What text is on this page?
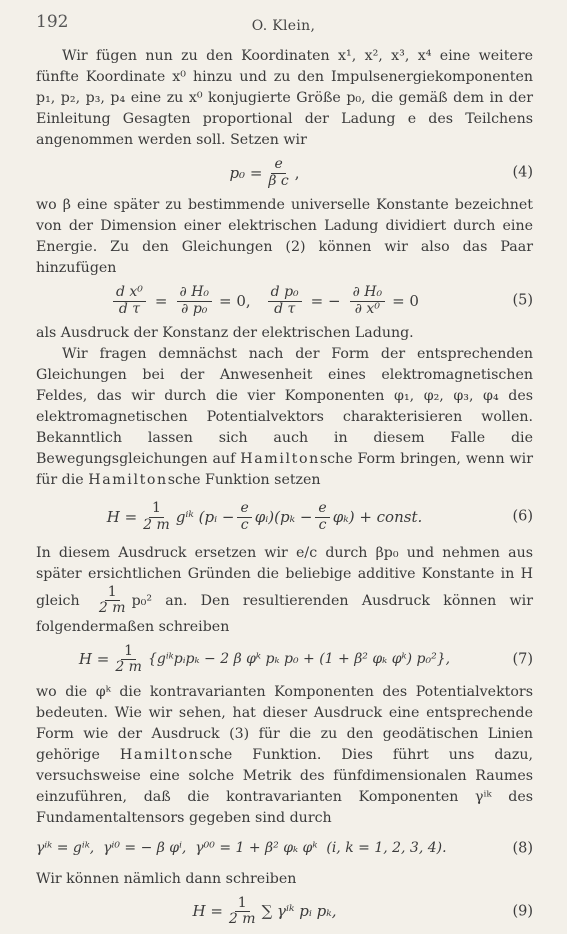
192	O. Klein,

Wir fügen nun zu den Koordinaten x¹, x², x³, x⁴ eine weitere fünfte Koordinate x⁰ hinzu und zu den Impulsenergiekomponenten p₁, p₂, p₃, p₄ eine zu x⁰ konjugierte Größe p₀, die gemäß dem in der Einleitung Gesagten proportional der Ladung e des Teilchens angenommen werden soll. Setzen wir

$p_0 = \frac{e}{\text{β c}}$ ,	(4)

wo β eine später zu bestimmende universelle Konstante bezeichnet von der Dimension einer elektrischen Ladung dividiert durch eine Energie. Zu den Gleichungen (2) können wir also das Paar hinzufügen

$\frac{\text{d x⁰}}{\text{d τ}} = \frac{\text{∂ H₀}}{\text{∂ p₀}} = 0$, $\frac{\text{d p₀}}{\text{d τ}}$ = − $\frac{\text{∂ H₀}}{\text{∂ x⁰}} = 0$	(5)

als Ausdruck der Konstanz der elektrischen Ladung.

Wir fragen demnächst nach der Form der entsprechenden Gleichungen bei der Anwesenheit eines elektromagnetischen Feldes, das wir durch die vier Komponenten φ₁, φ₂, φ₃, φ₄ des elektromagnetischen Potentialvektors charakterisieren wollen. Bekanntlich lassen sich auch in diesem Falle die Bewegungsgleichungen auf Hamiltonsche Form bringen, wenn wir für die Hamiltonsche Funktion setzen

$H = \frac{1}{2 m}$ gⁱᵏ (pᵢ − $\frac{e}{c}$ φᵢ)(pₖ − $\frac{e}{c} \varphi_k$) + const.	(6)

In diesem Ausdruck ersetzen wir e/c durch βp₀ und nehmen aus später ersichtlichen Gründen die beliebige additive Konstante in H gleich $\frac{1}{2 m} p_0^2$ an. Den resultierenden Ausdruck können wir folgendermaßen schreiben

$H = \frac{1}{2 m}$ {gⁱᵏpᵢpₖ − 2 β φᵏ pₖ p₀ + (1 + β² φₖ φᵏ) p₀²},	(7)

wo die φᵏ die kontravarianten Komponenten des Potentialvektors bedeuten. Wie wir sehen, hat dieser Ausdruck eine entsprechende Form wie der Ausdruck (3) für die zu den geodätischen Linien gehörige Hamiltonsche Funktion. Dies führt uns dazu, versuchsweise eine solche Metrik des fünfdimensionalen Raumes einzuführen, daß die kontravarianten Komponenten γⁱᵏ des Fundamentaltensors gegeben sind durch

γⁱᵏ = gⁱᵏ,  γⁱ⁰ = − β φⁱ,  γ⁰⁰ = 1 + β² φₖ φᵏ  (i, k = 1, 2, 3, 4).	(8)

Wir können nämlich dann schreiben

$H = \frac{1}{2 m}$ ∑ γⁱᵏ pᵢ pₖ,	(9)
